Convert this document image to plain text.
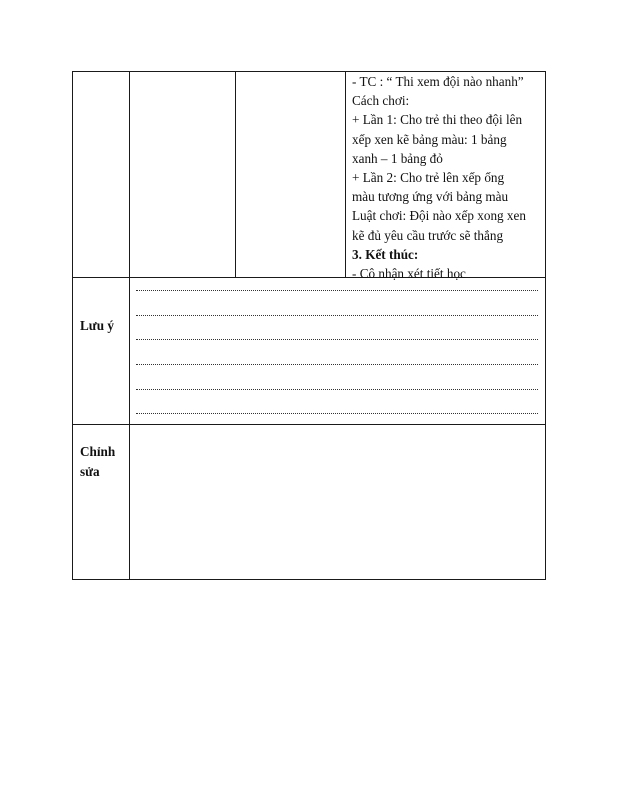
- TC : “ Thi xem đội nào nhanh”
Cách chơi:
+ Lần 1: Cho trẻ thi theo đội lên
xếp xen kẽ bảng màu: 1 bảng
xanh – 1 bảng đỏ
+ Lần 2: Cho trẻ lên xếp ống
màu tương ứng với bảng màu
Luật chơi: Đội nào xếp xong xen
kẽ đủ yêu cầu trước sẽ thắng
3. Kết thúc:
- Cô nhận xét tiết học
Lưu ý
Chỉnh sửa
